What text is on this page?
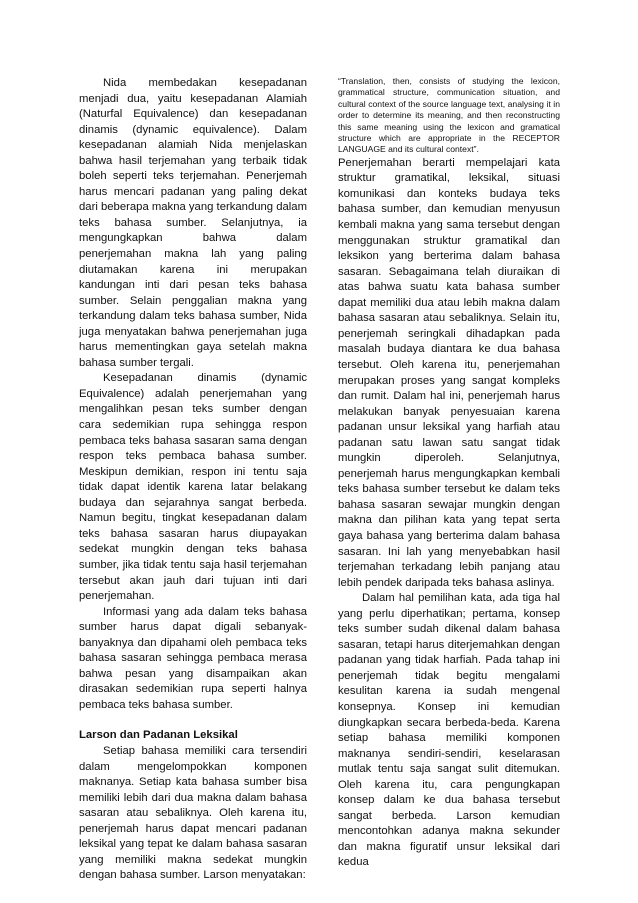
Nida membedakan kesepadanan menjadi dua, yaitu kesepadanan Alamiah (Naturfal Equivalence) dan kesepadanan dinamis (dynamic equivalence). Dalam kesepadanan alamiah Nida menjelaskan bahwa hasil terjemahan yang terbaik tidak boleh seperti teks terjemahan. Penerjemah harus mencari padanan yang paling dekat dari beberapa makna yang terkandung dalam teks bahasa sumber. Selanjutnya, ia mengungkapkan bahwa dalam penerjemahan makna lah yang paling diutamakan karena ini merupakan kandungan inti dari pesan teks bahasa sumber. Selain penggalian makna yang terkandung dalam teks bahasa sumber, Nida juga menyatakan bahwa penerjemahan juga harus mementingkan gaya setelah makna bahasa sumber tergali.

Kesepadanan dinamis (dynamic Equivalence) adalah penerjemahan yang mengalihkan pesan teks sumber dengan cara sedemikian rupa sehingga respon pembaca teks bahasa sasaran sama dengan respon teks pembaca bahasa sumber. Meskipun demikian, respon ini tentu saja tidak dapat identik karena latar belakang budaya dan sejarahnya sangat berbeda. Namun begitu, tingkat kesepadanan dalam teks bahasa sasaran harus diupayakan sedekat mungkin dengan teks bahasa sumber, jika tidak tentu saja hasil terjemahan tersebut akan jauh dari tujuan inti dari penerjemahan.

Informasi yang ada dalam teks bahasa sumber harus dapat digali sebanyak-banyaknya dan dipahami oleh pembaca teks bahasa sasaran sehingga pembaca merasa bahwa pesan yang disampaikan akan dirasakan sedemikian rupa seperti halnya pembaca teks bahasa sumber.

Larson dan Padanan Leksikal

Setiap bahasa memiliki cara tersendiri dalam mengelompokkan komponen maknanya. Setiap kata bahasa sumber bisa memiliki lebih dari dua makna dalam bahasa sasaran atau sebaliknya. Oleh karena itu, penerjemah harus dapat mencari padanan leksikal yang tepat ke dalam bahasa sasaran yang memiliki makna sedekat mungkin dengan bahasa sumber. Larson menyatakan:

“Translation, then, consists of studying the lexicon, grammatical structure, communication situation, and cultural context of the source language text, analysing it in order to determine its meaning, and then reconstructing this same meaning using the lexicon and gramatical structure which are appropriate in the RECEPTOR LANGUAGE and its cultural context”.

Penerjemahan berarti mempelajari kata struktur gramatikal, leksikal, situasi komunikasi dan konteks budaya teks bahasa sumber, dan kemudian menyusun kembali makna yang sama tersebut dengan menggunakan struktur gramatikal dan leksikon yang berterima dalam bahasa sasaran. Sebagaimana telah diuraikan di atas bahwa suatu kata bahasa sumber dapat memiliki dua atau lebih makna dalam bahasa sasaran atau sebaliknya. Selain itu, penerjemah seringkali dihadapkan pada masalah budaya diantara ke dua bahasa tersebut. Oleh karena itu, penerjemahan merupakan proses yang sangat kompleks dan rumit. Dalam hal ini, penerjemah harus melakukan banyak penyesuaian karena padanan unsur leksikal yang harfiah atau padanan satu lawan satu sangat tidak mungkin diperoleh. Selanjutnya, penerjemah harus mengungkapkan kembali teks bahasa sumber tersebut ke dalam teks bahasa sasaran sewajar mungkin dengan makna dan pilihan kata yang tepat serta gaya bahasa yang berterima dalam bahasa sasaran. Ini lah yang menyebabkan hasil terjemahan terkadang lebih panjang atau lebih pendek daripada teks bahasa aslinya.

Dalam hal pemilihan kata, ada tiga hal yang perlu diperhatikan; pertama, konsep teks sumber sudah dikenal dalam bahasa sasaran, tetapi harus diterjemahkan dengan padanan yang tidak harfiah. Pada tahap ini penerjemah tidak begitu mengalami kesulitan karena ia sudah mengenal konsepnya. Konsep ini kemudian diungkapkan secara berbeda-beda. Karena setiap bahasa memiliki komponen maknanya sendiri-sendiri, keselarasan mutlak tentu saja sangat sulit ditemukan. Oleh karena itu, cara pengungkapan konsep dalam ke dua bahasa tersebut sangat berbeda. Larson kemudian mencontohkan adanya makna sekunder dan makna figuratif unsur leksikal dari kedua
